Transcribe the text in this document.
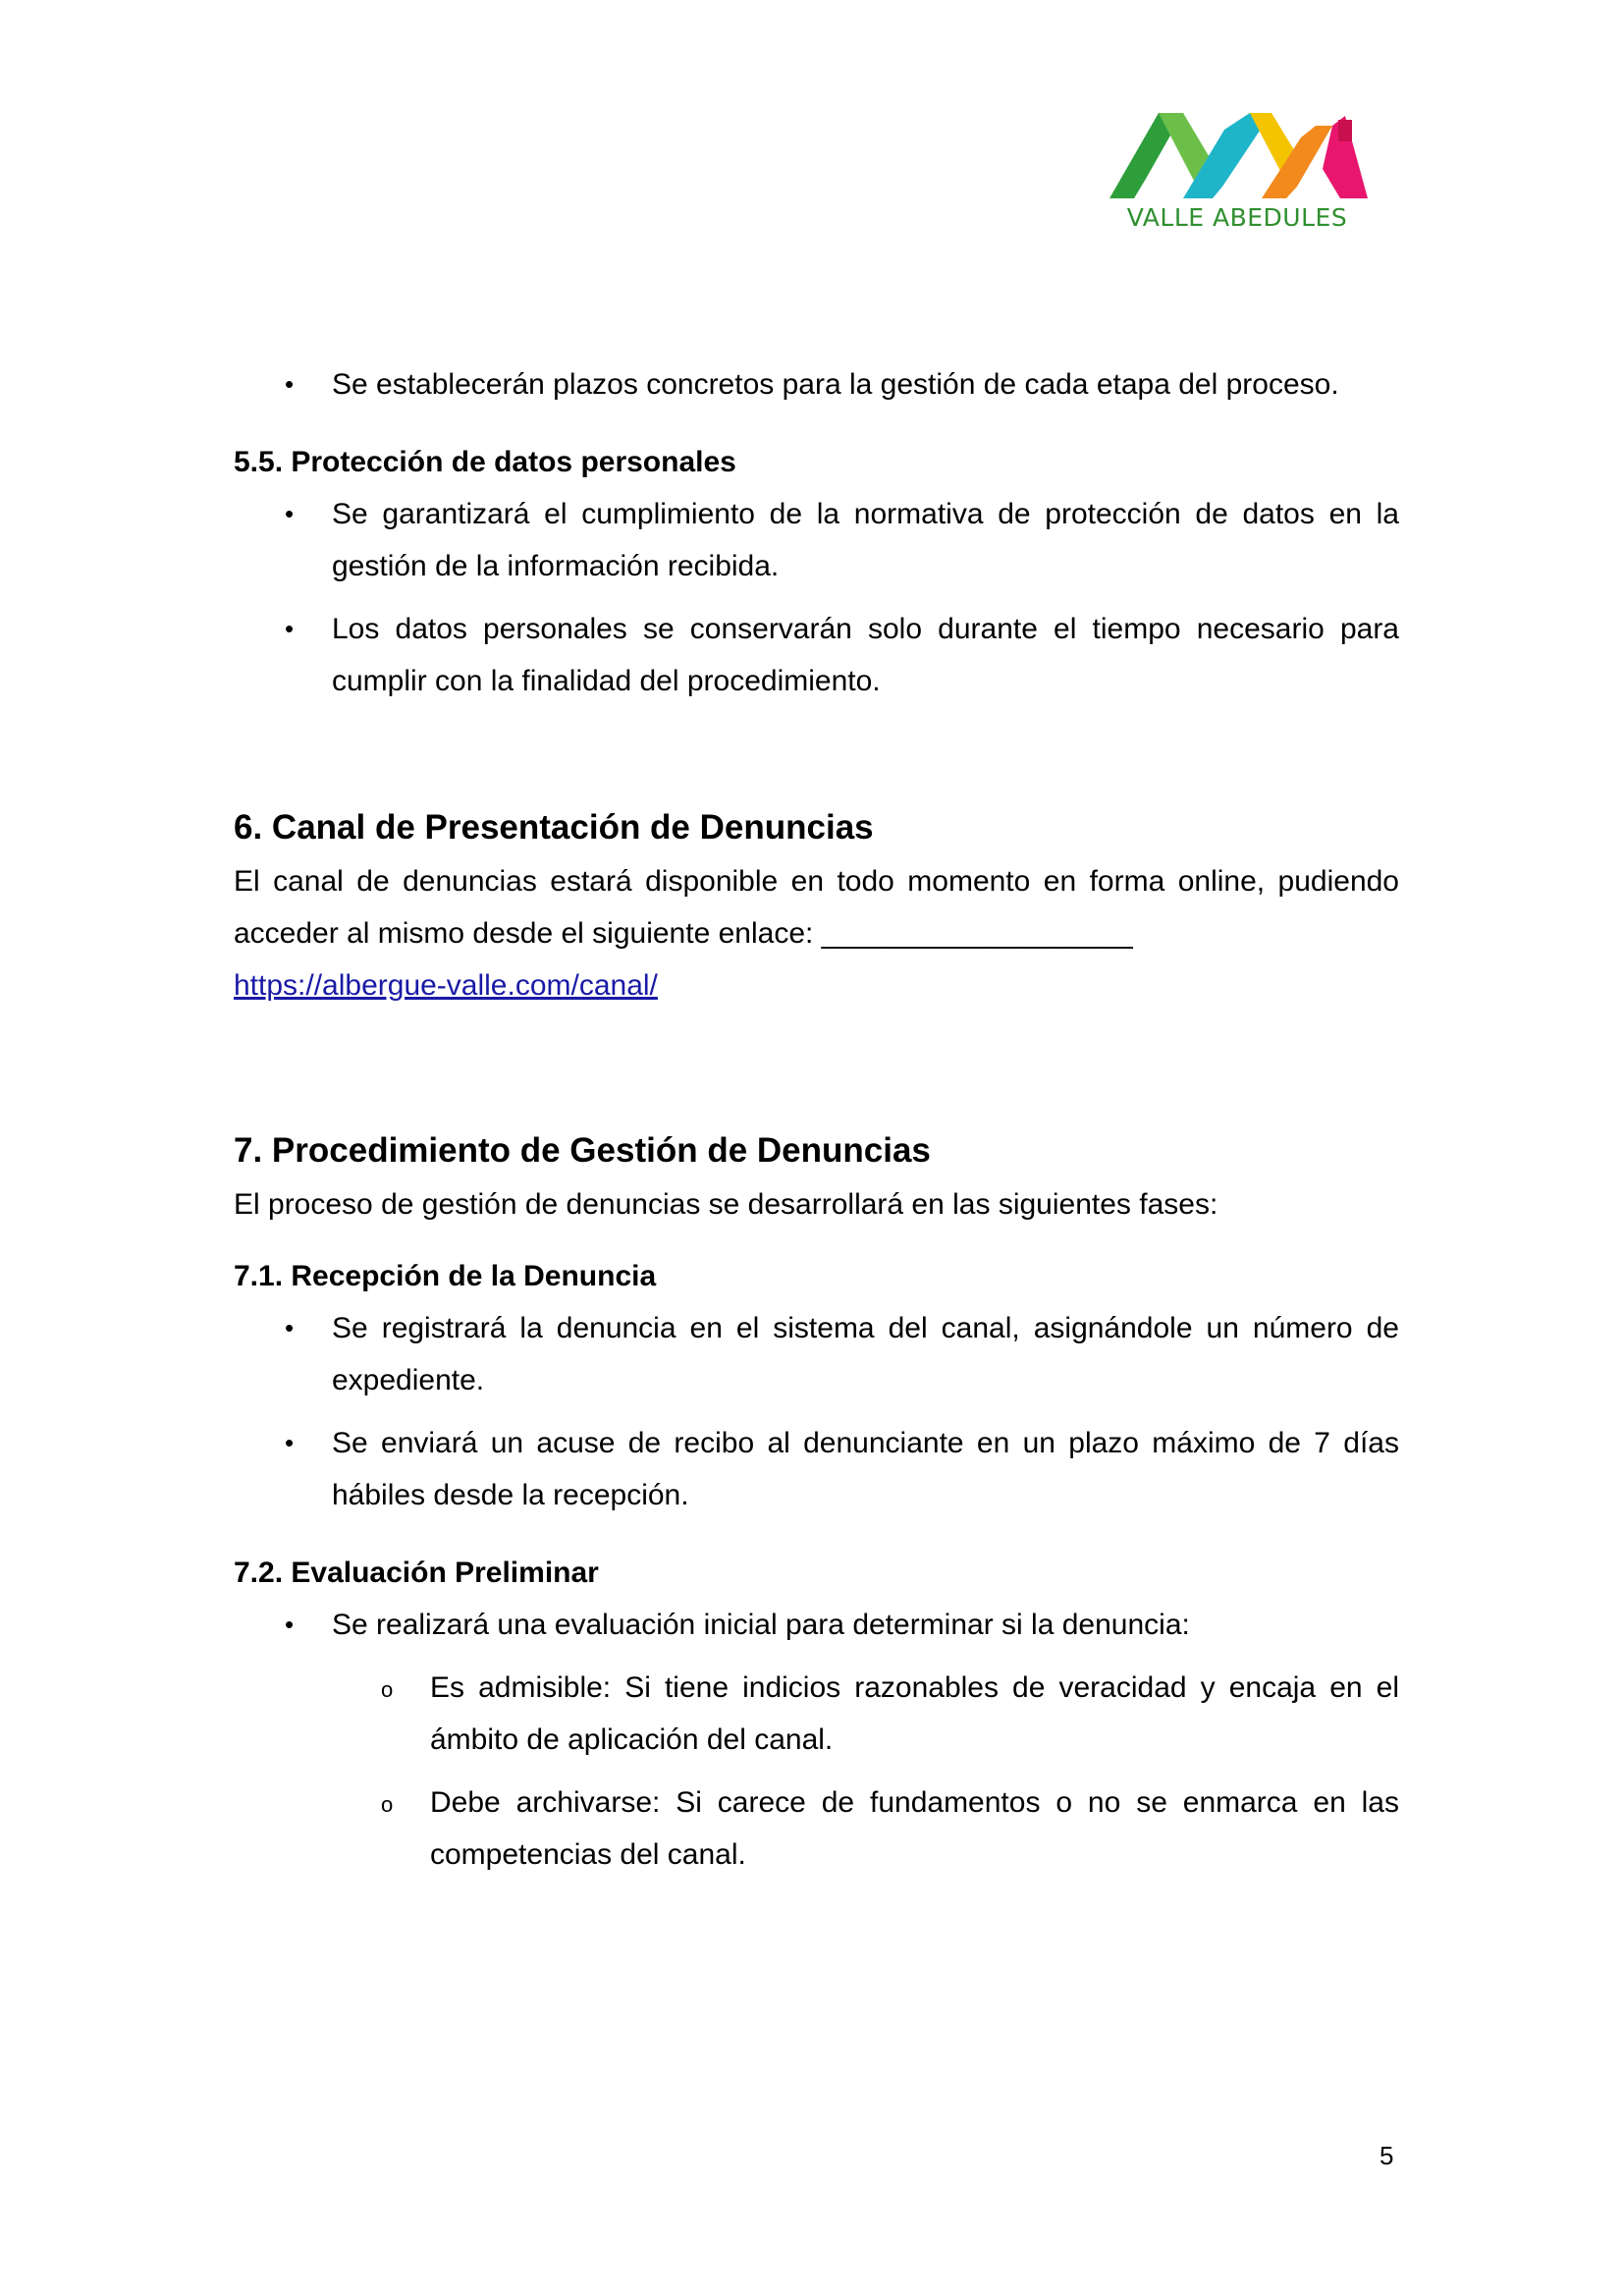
VALLE ABEDULES
• Se establecerán plazos concretos para la gestión de cada etapa del proceso.
5.5. Protección de datos personales
• Se garantizará el cumplimiento de la normativa de protección de datos en la gestión de la información recibida.
• Los datos personales se conservarán solo durante el tiempo necesario para cumplir con la finalidad del procedimiento.
6. Canal de Presentación de Denuncias

El canal de denuncias estará disponible en todo momento en forma online, pudiendo acceder al mismo desde el siguiente enlace: ___________________
https://albergue-valle.com/canal/

7. Procedimiento de Gestión de Denuncias

El proceso de gestión de denuncias se desarrollará en las siguientes fases:

7.1. Recepción de la Denuncia
• Se registrará la denuncia en el sistema del canal, asignándole un número de expediente.
• Se enviará un acuse de recibo al denunciante en un plazo máximo de 7 días hábiles desde la recepción.
7.2. Evaluación Preliminar
• Se realizará una evaluación inicial para determinar si la denuncia:
o Es admisible: Si tiene indicios razonables de veracidad y encaja en el ámbito de aplicación del canal.
o Debe archivarse: Si carece de fundamentos o no se enmarca en las competencias del canal.
5
